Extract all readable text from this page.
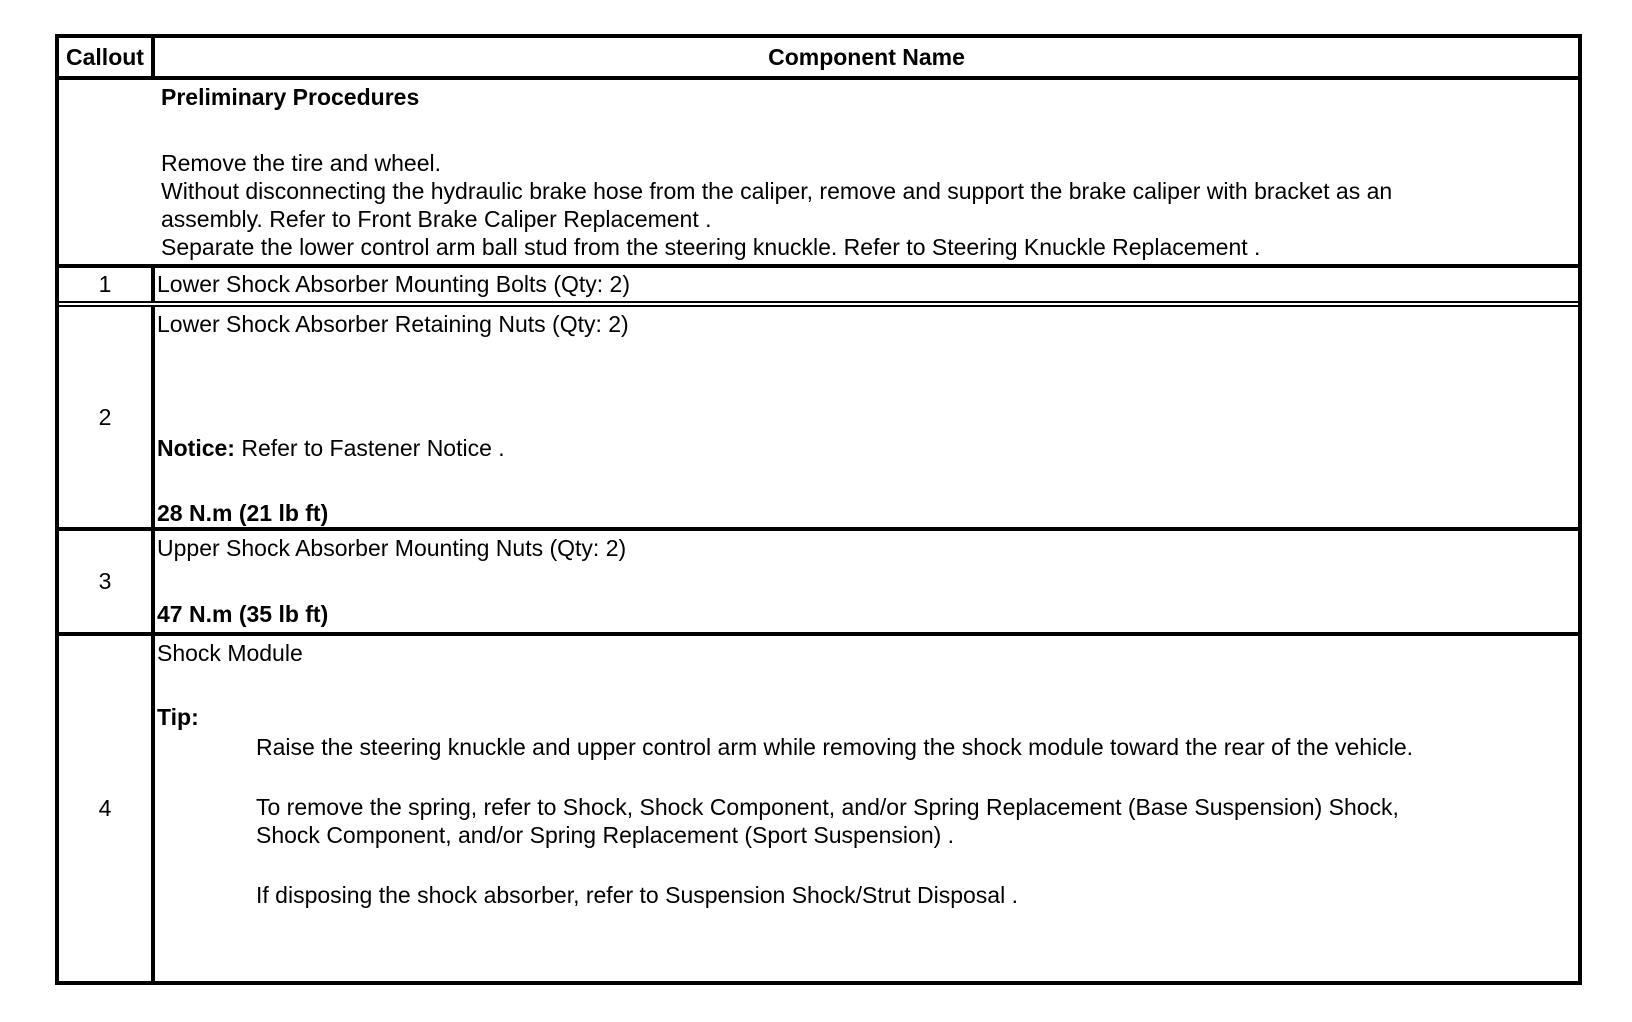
Callout	Component Name
Preliminary Procedures
Remove the tire and wheel.
Without disconnecting the hydraulic brake hose from the caliper, remove and support the brake caliper with bracket as an
assembly. Refer to Front Brake Caliper Replacement .
Separate the lower control arm ball stud from the steering knuckle. Refer to Steering Knuckle Replacement .
1	Lower Shock Absorber Mounting Bolts (Qty: 2)
2
Lower Shock Absorber Retaining Nuts (Qty: 2)
Notice: Refer to Fastener Notice .
28 N.m (21 lb ft)
3
Upper Shock Absorber Mounting Nuts (Qty: 2)
47 N.m (35 lb ft)
4
Shock Module
Tip:
Raise the steering knuckle and upper control arm while removing the shock module toward the rear of the vehicle.
To remove the spring, refer to Shock, Shock Component, and/or Spring Replacement (Base Suspension) Shock,
Shock Component, and/or Spring Replacement (Sport Suspension) .
If disposing the shock absorber, refer to Suspension Shock/Strut Disposal .
